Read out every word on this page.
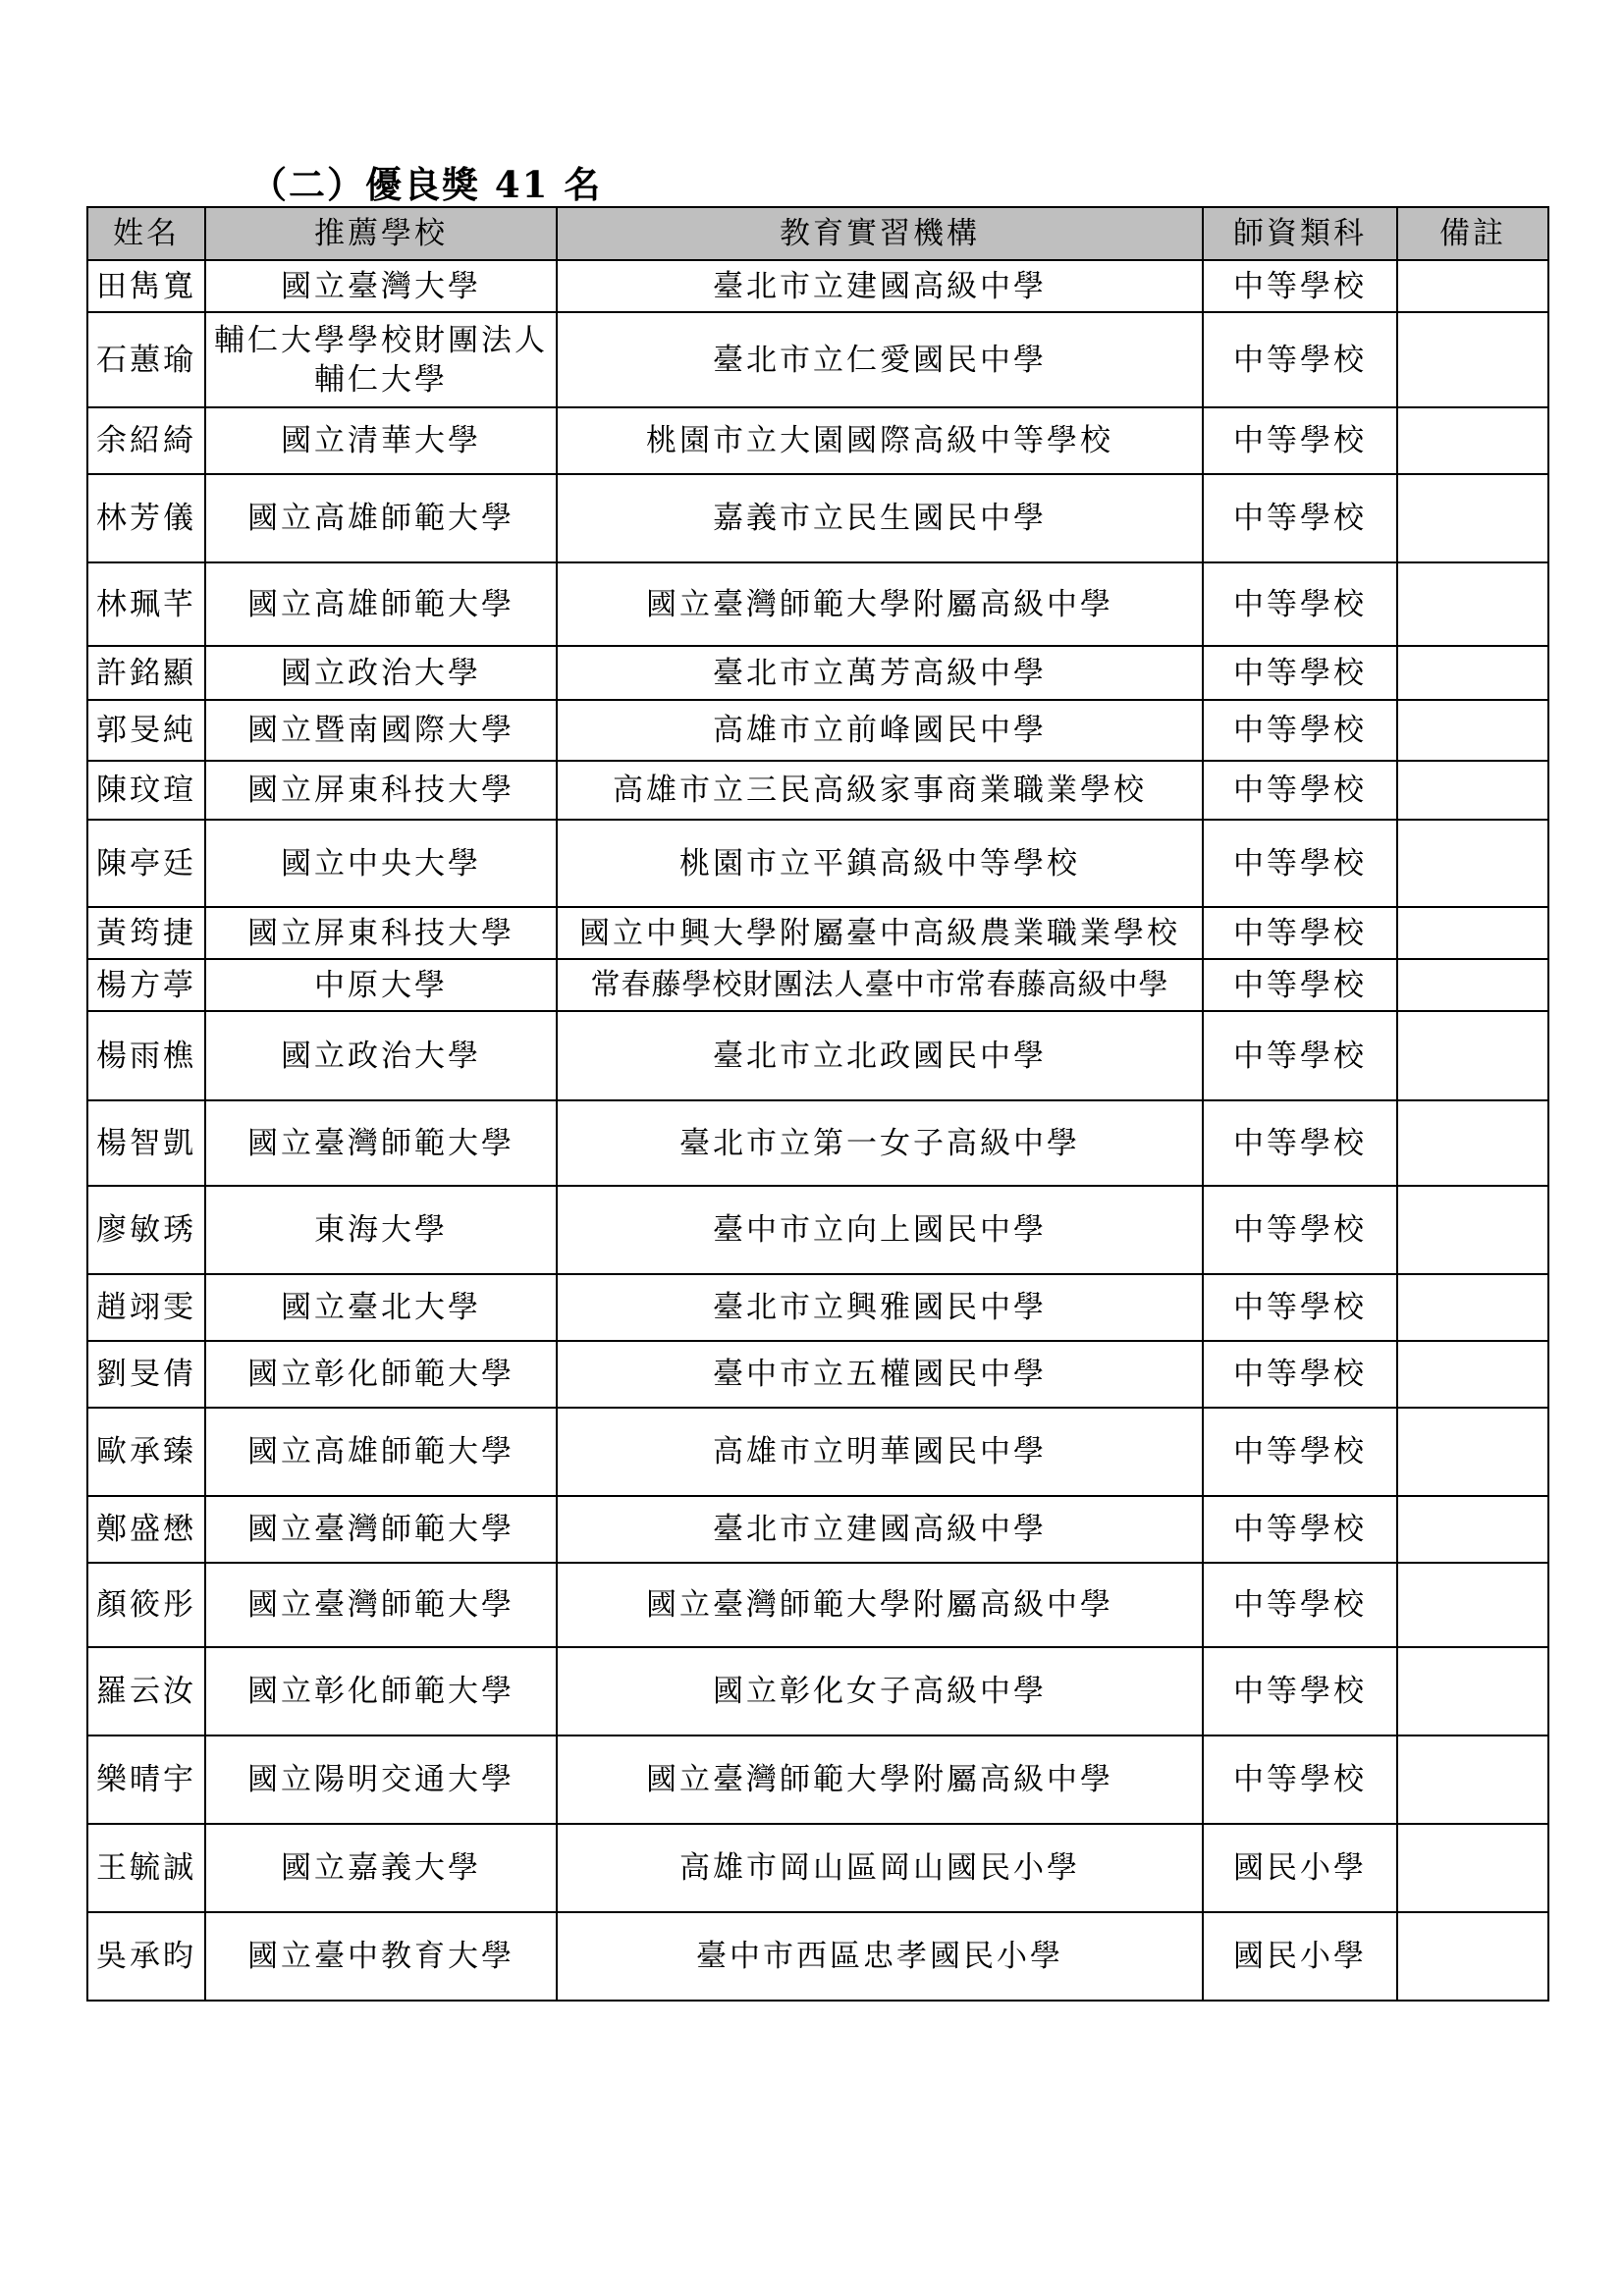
（二）優良獎 41 名
姓名	推薦學校	教育實習機構	師資類科	備註
田雋寬	國立臺灣大學	臺北市立建國高級中學	中等學校	
石蕙瑜	輔仁大學學校財團法人輔仁大學	臺北市立仁愛國民中學	中等學校	
余紹綺	國立清華大學	桃園市立大園國際高級中等學校	中等學校	
林芳儀	國立高雄師範大學	嘉義市立民生國民中學	中等學校	
林珮芊	國立高雄師範大學	國立臺灣師範大學附屬高級中學	中等學校	
許銘顯	國立政治大學	臺北市立萬芳高級中學	中等學校	
郭旻純	國立暨南國際大學	高雄市立前峰國民中學	中等學校	
陳玟瑄	國立屏東科技大學	高雄市立三民高級家事商業職業學校	中等學校	
陳亭廷	國立中央大學	桃園市立平鎮高級中等學校	中等學校	
黃筠捷	國立屏東科技大學	國立中興大學附屬臺中高級農業職業學校	中等學校	
楊方葶	中原大學	常春藤學校財團法人臺中市常春藤高級中學	中等學校	
楊雨樵	國立政治大學	臺北市立北政國民中學	中等學校	
楊智凱	國立臺灣師範大學	臺北市立第一女子高級中學	中等學校	
廖敏琇	東海大學	臺中市立向上國民中學	中等學校	
趙翊雯	國立臺北大學	臺北市立興雅國民中學	中等學校	
劉旻倩	國立彰化師範大學	臺中市立五權國民中學	中等學校	
歐承臻	國立高雄師範大學	高雄市立明華國民中學	中等學校	
鄭盛懋	國立臺灣師範大學	臺北市立建國高級中學	中等學校	
顏筱彤	國立臺灣師範大學	國立臺灣師範大學附屬高級中學	中等學校	
羅云汝	國立彰化師範大學	國立彰化女子高級中學	中等學校	
樂晴宇	國立陽明交通大學	國立臺灣師範大學附屬高級中學	中等學校	
王毓誠	國立嘉義大學	高雄市岡山區岡山國民小學	國民小學	
吳承昀	國立臺中教育大學	臺中市西區忠孝國民小學	國民小學	
